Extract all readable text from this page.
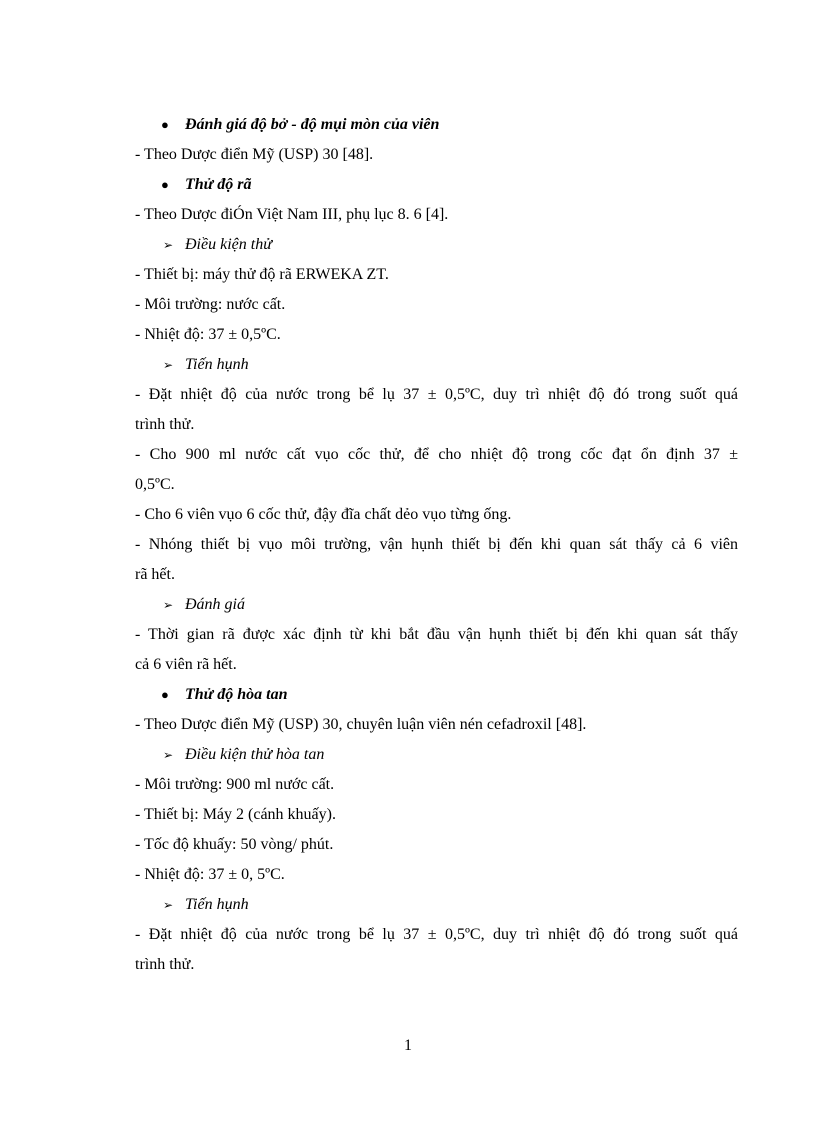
● Đánh giá độ bở - độ mụi mòn của viên
- Theo Dược điển Mỹ (USP) 30 [48].
● Thử độ rã
- Theo Dược điÓn Việt Nam III, phụ lục 8. 6 [4].
➢ Điều kiện thử
- Thiết bị: máy thử độ rã ERWEKA ZT.
- Môi trường: nước cất.
- Nhiệt độ: 37 ± 0,5ºC.
➢ Tiến hụnh
- Đặt nhiệt độ của nước trong bể lụ 37 ± 0,5ºC, duy trì nhiệt độ đó trong suốt quá
trình thử.
- Cho 900 ml nước cất vụo cốc thử, để cho nhiệt độ trong cốc đạt ổn định 37 ±
0,5ºC.
- Cho 6 viên vụo 6 cốc thử, đậy đĩa chất dẻo vụo từng ống.
- Nhóng thiết bị vụo môi trường, vận hụnh thiết bị đến khi quan sát thấy cả 6 viên
rã hết.
➢ Đánh giá
- Thời gian rã được xác định từ khi bắt đầu vận hụnh thiết bị đến khi quan sát thấy
cả 6 viên rã hết.
● Thử độ hòa tan
- Theo Dược điển Mỹ (USP) 30, chuyên luận viên nén cefadroxil [48].
➢ Điều kiện thử hòa tan
- Môi trường: 900 ml nước cất.
- Thiết bị: Máy 2 (cánh khuấy).
- Tốc độ khuấy: 50 vòng/ phút.
- Nhiệt độ: 37 ± 0, 5ºC.
➢ Tiến hụnh
- Đặt nhiệt độ của nước trong bể lụ 37 ± 0,5ºC, duy trì nhiệt độ đó trong suốt quá
trình thử.
1
